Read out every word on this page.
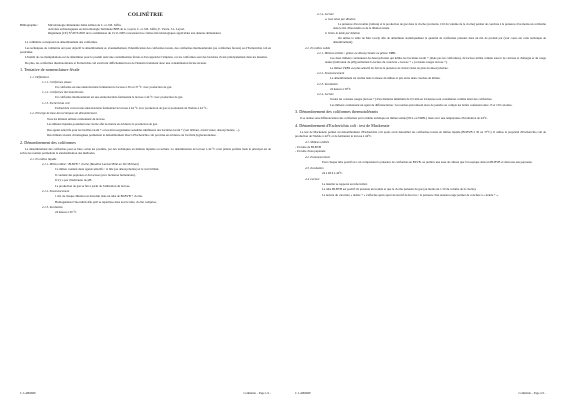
COLINÉTRIE
Bibliographie :	Microbiologie alimentaire 2ème édition de C. et J.M. Joffin.
Activités technologiques en microbiologie Terminale BEB de G. Leyral, C. et J.M. Joffin, E. Vierra, J.L. Leyral.
Règlement (CE) N°2073/2005 de la commission du 15/11/2005 concernant les critères microbiologiques applicables aux denrées alimentaires

La colimétrie correspond au dénombrement des coliformes.

Les techniques de colimétrie ont pour objectif le dénombrement et, éventuellement, l'identification des coliformes totaux, des coliformes thermotolérants (ou coliformes fécaux) ou d'Escherichia coli en particulier.

L'intérêt de ces manipulations est de déterminer pour le produit testé une contamination fécale et d'en apprécier l'ampleur, car les coliformes sont des bactéries vivant principalement dans les intestins.

De plus, les coliformes thermotolérants et Escherichia coli survivent difficilement hors de l'intestin traduisant donc une contamination fécale récente.

1. Tentative de nomenclature fécale
1.1. Définitions
1.1.1. Coliformes totaux

Un coliforme est une entérobactérie fermentant le lactose à 30 ou 37 °C avec production de gaz.

1.1.2. Coliformes thermotolérants

Un coliforme thermotolérant est une entérobactérie fermentant le lactose à 44 °C avec production de gaz.

1.1.3. Escherichia coli

Escherichia coli est une entérobactérie fermentant le lactose à 44 °C avec production de gaz et produisant de l'indole à 44 °C.

1.2. Principe de base des techniques de dénombrement

Tous les milieux utilisés contiennent du lactose.

Les milieux liquides possèdent une cloche afin de mettre en évidence la production de gaz.

Des agents sélectifs pour les bacilles Gram + et les microorganismes sensibles inhibiteurs des bactéries Gram + (vert brillant, cristal violet, désoxycholate, ...).

Des milieux récents chromogènes permettent le dénombrement direct d'Escherichia coli par mise en évidence de l'activité β-glucuronidase.

2. Dénombrement des coliformes

Le dénombrement des coliformes peut se faire, selon les produits, par des techniques en milieux liquides ou solides. La détermination de lactose à 44 °C n'est jamais parfaite mais le principal est de suivre les normes permettant la standardisation des méthodes.

2.1. En milieu liquide
2.1.1. Milieu utilisé : BLBVB + cloche (Bouillon Lactosé Bilié au Vert Brillant)

Ce milieu contient deux agents sélectifs : la bile (ou désoxycholate) et le vert brillant.

Il contient des peptones et du lactose (avec inclusion fermentaire).

Il n'y a pas d'indicateur de pH.

La production de gaz se fait à partir de l'utilisation du lactose.

2.1.2. Ensemencement

1 mL de chaque dilution est introduit dans un tube de BLBVB + cloche.

Homogénéiser l'inoculum afin qu'il se répartisse dans tout le tube, cloche comprise.

2.1.3. Incubation

24 heures à 30 °C

C. LABORIE	Colimétrie – Page 1/4 –
2.1.4. Lecture
a. Gaz selon par dilution

La présence d'un trouble (culture) et la production de gaz dans la cloche (au moins 1/10 du volume de la cloche) permet de conclure à la présence d'au moins un coliforme dans le mL d'inoculum ou de la dilution testée.

b. Selon la table par dilution

On utilise la table de Mac Grady afin de déterminer statistiquement la quantité de coliformes présents dans un mL de produit par (voir cours sur cette technique de dénombrement).

2.2. En milieu solide
2.2.1. Milieux utilisés : gélose au désoxycholate ou gélose VRBL

Ces deux milieux contiennent du désoxycholate qui inhibe les bactéries Gram + (mais pas les coliformes), du lactose utilisé comme source de carbone et d'énergie et du rouge neutre (indicateur de pH) permettant la lecture du caractère « lactose + » (colonies rouges lactose +).

Le milieu VRBL est plus sélectif du fait de la présence de cristal violet en plus du désoxycholate.

2.2.2. Ensemencement

Le dénombrement est réalisé dans la masse du milieu et pris entre deux couches de milieu.

2.2.3. Incubation

24 heures à 30°C

2.2.4. Lecture

Toutes les colonies rouges (lactose +) d'un diamètre minimum de 0,5 mm en 24 heures sont considérées comme étant des coliformes.

Les milieux contiennent un agent de différenciation : les normes préconisent alors de prendre en compte les boîtes contenant entre 15 et 150 colonies.

3. Dénombrement des coliformes thermotolérants

Il se réalise sans différenciation des coliformes par la même technique en milieu solide (DCL ou VRBL) mais avec une température d'incubation de 44°C.

4. Dénombrement d'Escherichia coli : test de Mackenzie

Le test de Mackenzie permet un dénombrement d'Escherichia coli après avoir dénombré les coliformes totaux en milieu liquide (BLBVB à 30 ou 37°C). Il utilise la propriété d'Escherichia coli de production de l'indole à 44°C et de fermenter le lactose à 44°C.

4.1. Milieux utilisés
- Un tube de BLBVB
- Un tube d'eau peptonée
4.2. Ensemencement

Pour chaque tube positif en 1 un comprenant la présence de coliformes en BLVB, on prélève une anse de culture que l'on repique dans un BLBVB et dans une eau peptonée.

4.3. Incubation

24 à 48 h à 44°C

4.4. Lecture

Le résultat se rapporte au tube initial.

Le tube BLBVB est positif s'il présente un trouble et que la cloche présente du gaz (au moins un 1/10 du volume de la cloche).

La lecture du caractère « indole + » s'effectue après ajout du réactif de Kovacs : la présence d'un anneau rouge permet de conclure à « indole + ».

C. LABORIE	Colimétrie – Page 2/4 –
